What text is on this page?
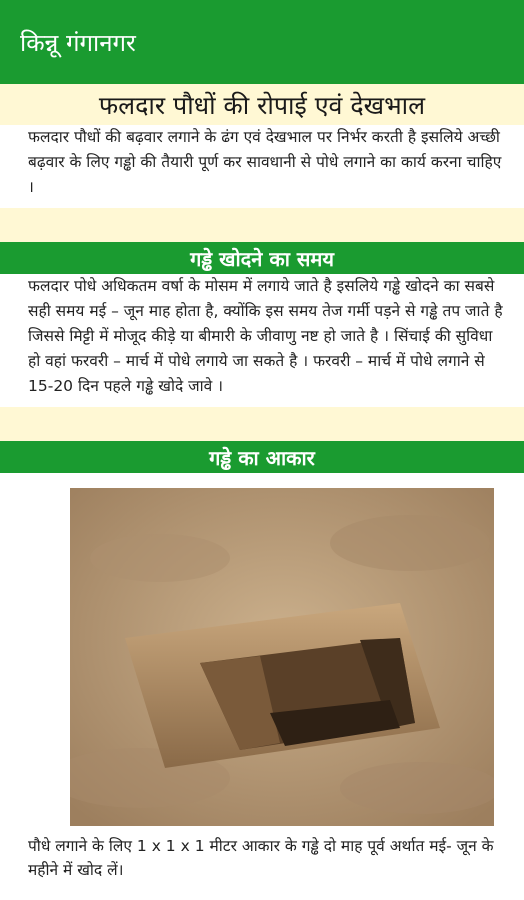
किन्नू गंगानगर
फलदार पौधों की रोपाई एवं देखभाल

फलदार पौधों की बढ़वार लगाने के ढंग एवं देखभाल पर निर्भर करती है इसलिये अच्छी बढ़वार के लिए गड्ढो की तैयारी पूर्ण कर सावधानी से पोधे लगाने का कार्य करना चाहिए ।

गड्ढे खोदने का समय

फलदार पोधे अधिकतम वर्षा के मोसम में लगाये जाते है इसलिये गड्ढे खोदने का सबसे सही समय मई – जून माह होता है, क्योंकि इस समय तेज गर्मी पड़ने से गड्ढे तप जाते है जिससे मिट्टी में मोजूद कीड़े या बीमारी के जीवाणु नष्ट हो जाते है । सिंचाई की सुविधा हो वहां फरवरी – मार्च में पोधे लगाये जा सकते है । फरवरी – मार्च में पोधे लगाने से 15-20 दिन पहले गड्ढे खोदे जावे ।

गड्ढे का आकार

पौधे लगाने के लिए 1 x 1 x 1 मीटर आकार के गड्ढे दो माह पूर्व अर्थात मई- जून के महीने में खोद लें।
